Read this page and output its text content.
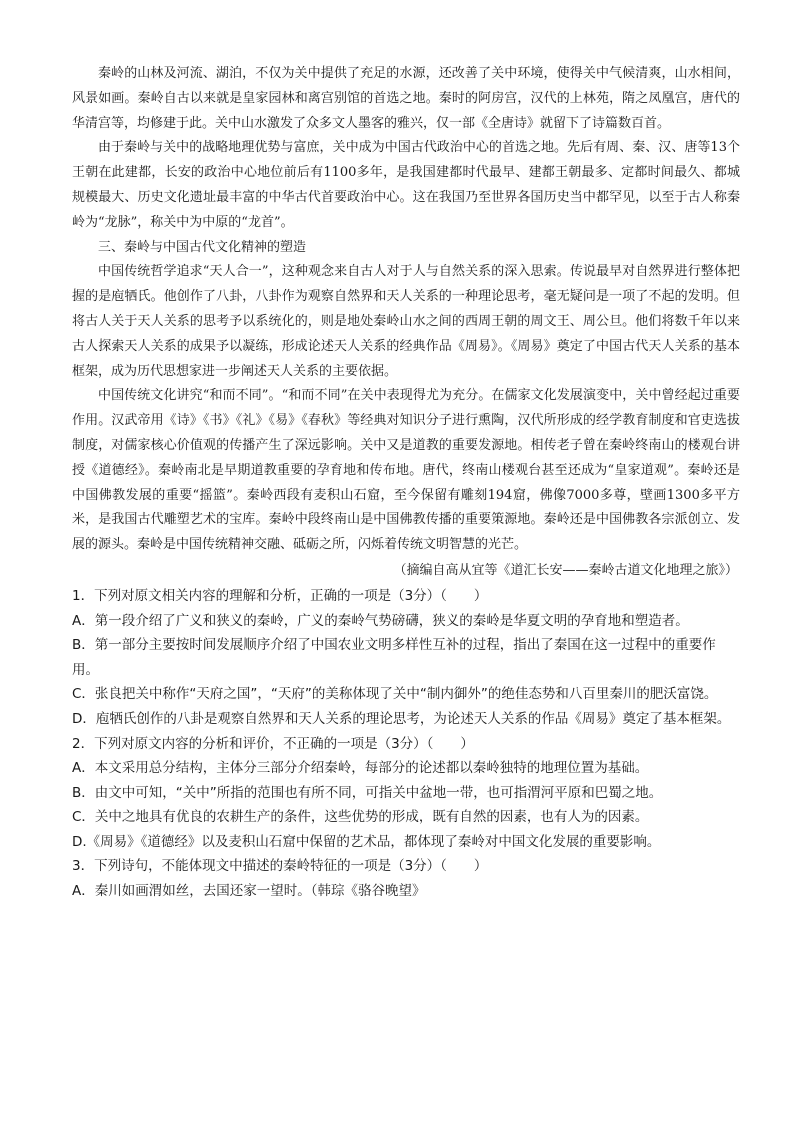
秦岭的山林及河流、湖泊，不仅为关中提供了充足的水源，还改善了关中环境，使得关中气候清爽，山水相间，风景如画。秦岭自古以来就是皇家园林和离宫别馆的首选之地。秦时的阿房宫，汉代的上林苑，隋之凤凰宫，唐代的华清宫等，均修建于此。关中山水激发了众多文人墨客的雅兴，仅一部《全唐诗》就留下了诗篇数百首。

由于秦岭与关中的战略地理优势与富庶，关中成为中国古代政治中心的首选之地。先后有周、秦、汉、唐等13个王朝在此建都，长安的政治中心地位前后有1100多年，是我国建都时代最早、建都王朝最多、定都时间最久、都城规模最大、历史文化遗址最丰富的中华古代首要政治中心。这在我国乃至世界各国历史当中都罕见，以至于古人称秦岭为“龙脉”，称关中为中原的“龙首”。

三、秦岭与中国古代文化精神的塑造

中国传统哲学追求“天人合一”，这种观念来自古人对于人与自然关系的深入思索。传说最早对自然界进行整体把握的是庖牺氏。他创作了八卦，八卦作为观察自然界和天人关系的一种理论思考，毫无疑问是一项了不起的发明。但将古人关于天人关系的思考予以系统化的，则是地处秦岭山水之间的西周王朝的周文王、周公旦。他们将数千年以来古人探索天人关系的成果予以凝练，形成论述天人关系的经典作品《周易》。《周易》奠定了中国古代天人关系的基本框架，成为历代思想家进一步阐述天人关系的主要依据。

中国传统文化讲究“和而不同”。“和而不同”在关中表现得尤为充分。在儒家文化发展演变中，关中曾经起过重要作用。汉武帝用《诗》《书》《礼》《易》《春秋》等经典对知识分子进行熏陶，汉代所形成的经学教育制度和官吏选拔制度，对儒家核心价值观的传播产生了深远影响。关中又是道教的重要发源地。相传老子曾在秦岭终南山的楼观台讲授《道德经》。秦岭南北是早期道教重要的孕育地和传布地。唐代，终南山楼观台甚至还成为“皇家道观”。秦岭还是中国佛教发展的重要“摇篮”。秦岭西段有麦积山石窟，至今保留有雕刻194窟，佛像7000多尊，壁画1300多平方米，是我国古代雕塑艺术的宝库。秦岭中段终南山是中国佛教传播的重要策源地。秦岭还是中国佛教各宗派创立、发展的源头。秦岭是中国传统精神交融、砥砺之所，闪烁着传统文明智慧的光芒。

（摘编自高从宜等《道汇长安——秦岭古道文化地理之旅》）

1．下列对原文相关内容的理解和分析，正确的一项是（3分）（　　）

A．第一段介绍了广义和狭义的秦岭，广义的秦岭气势磅礴，狭义的秦岭是华夏文明的孕育地和塑造者。

B．第一部分主要按时间发展顺序介绍了中国农业文明多样性互补的过程，指出了秦国在这一过程中的重要作用。

C．张良把关中称作“天府之国”，“天府”的美称体现了关中“制内御外”的绝佳态势和八百里秦川的肥沃富饶。

D．庖牺氏创作的八卦是观察自然界和天人关系的理论思考，为论述天人关系的作品《周易》奠定了基本框架。

2．下列对原文内容的分析和评价，不正确的一项是（3分）（　　）

A．本文采用总分结构，主体分三部分介绍秦岭，每部分的论述都以秦岭独特的地理位置为基础。

B．由文中可知，“关中”所指的范围也有所不同，可指关中盆地一带，也可指渭河平原和巴蜀之地。

C．关中之地具有优良的农耕生产的条件，这些优势的形成，既有自然的因素，也有人为的因素。

D.《周易》《道德经》以及麦积山石窟中保留的艺术品，都体现了秦岭对中国文化发展的重要影响。

3．下列诗句，不能体现文中描述的秦岭特征的一项是（3分）（　　）

A．秦川如画渭如丝，去国还家一望时。（韩琮《骆谷晚望》
